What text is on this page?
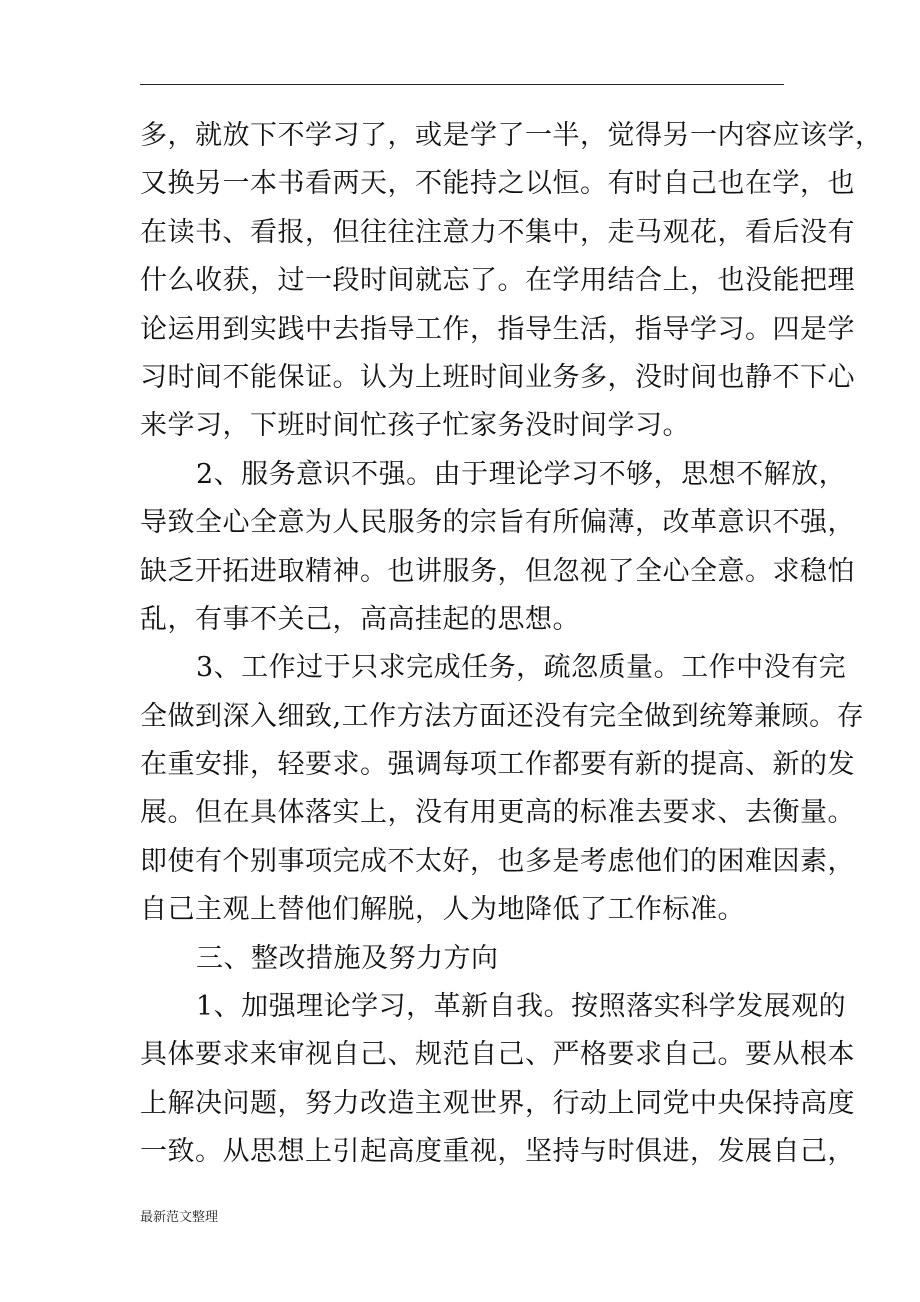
多，就放下不学习了，或是学了一半，觉得另一内容应该学，
又换另一本书看两天，不能持之以恒。有时自己也在学，也
在读书、看报，但往往注意力不集中，走马观花，看后没有
什么收获，过一段时间就忘了。在学用结合上，也没能把理
论运用到实践中去指导工作，指导生活，指导学习。四是学
习时间不能保证。认为上班时间业务多，没时间也静不下心
来学习，下班时间忙孩子忙家务没时间学习。
2、服务意识不强。由于理论学习不够，思想不解放，
导致全心全意为人民服务的宗旨有所偏薄，改革意识不强，
缺乏开拓进取精神。也讲服务，但忽视了全心全意。求稳怕
乱，有事不关己，高高挂起的思想。
3、工作过于只求完成任务，疏忽质量。工作中没有完
全做到深入细致,工作方法方面还没有完全做到统筹兼顾。存
在重安排，轻要求。强调每项工作都要有新的提高、新的发
展。但在具体落实上，没有用更高的标准去要求、去衡量。
即使有个别事项完成不太好，也多是考虑他们的困难因素，
自己主观上替他们解脱，人为地降低了工作标准。
三、整改措施及努力方向
1、加强理论学习，革新自我。按照落实科学发展观的
具体要求来审视自己、规范自己、严格要求自己。要从根本
上解决问题，努力改造主观世界，行动上同党中央保持高度
一致。从思想上引起高度重视，坚持与时俱进，发展自己，
最新范文整理
